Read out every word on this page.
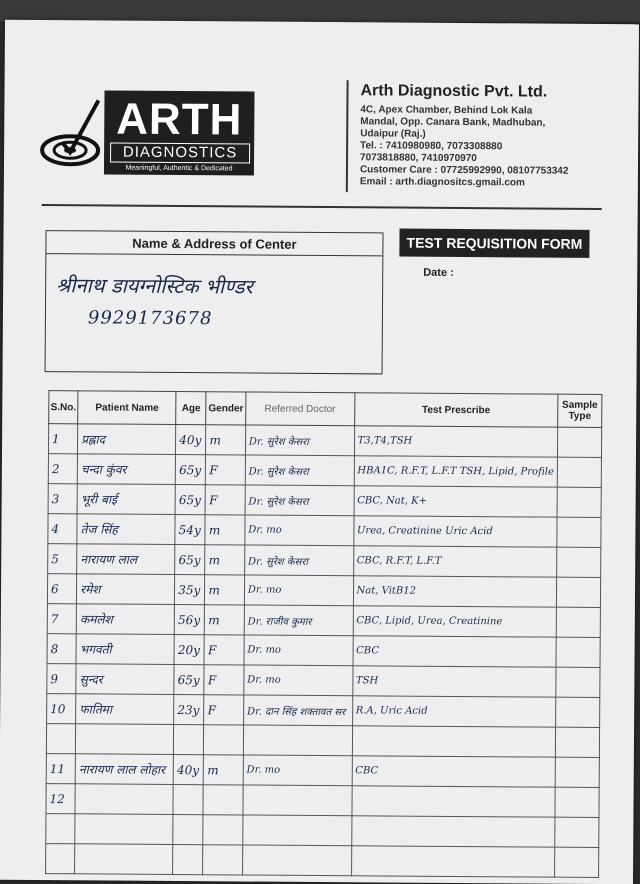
ARTH
DIAGNOSTICS
Meaningful, Authentic & Dedicated
Arth Diagnostic Pvt. Ltd.
4C, Apex Chamber, Behind Lok Kala
Mandal, Opp. Canara Bank, Madhuban,
Udaipur (Raj.)
Tel. : 7410980980, 7073308880
7073818880, 7410970970
Customer Care : 07725992990, 08107753342
Email : arth.diagnositcs.gmail.com
Name & Address of Center
श्रीनाथ डायग्नोस्टिक भीण्डर
9929173678
TEST REQUISITION FORM
Date :
S.No.	Patient Name	Age	Gender	Referred Doctor	Test Prescribe	Sample Type
1	प्रह्लाद	40y	m	Dr. सुरेश केसरा	T3,T4,TSH	
2	चन्दा कुंवर	65y	F	Dr. सुरेश केसरा	HBA1C, R.F.T, L.F.T TSH, Lipid, Profile	
3	भूरी बाई	65y	F	Dr. सुरेश केसरा	CBC, Nat, K+	
4	तेज सिंह	54y	m	Dr. mo	Urea, Creatinine Uric Acid	
5	नारायण लाल	65y	m	Dr. सुरेश केसरा	CBC, R.F.T, L.F.T	
6	रमेश	35y	m	Dr. mo	Nat, VitB12	
7	कमलेश	56y	m	Dr. राजीव कुमार	CBC, Lipid, Urea, Creatinine	
8	भगवती	20y	F	Dr. mo	CBC	
9	सुन्दर	65y	F	Dr. mo	TSH	
10	फातिमा	23y	F	Dr. दान सिंह शक्तावत सर	R.A, Uric Acid	

11	नारायण लाल लोहार	40y	m	Dr. mo	CBC	
12						
